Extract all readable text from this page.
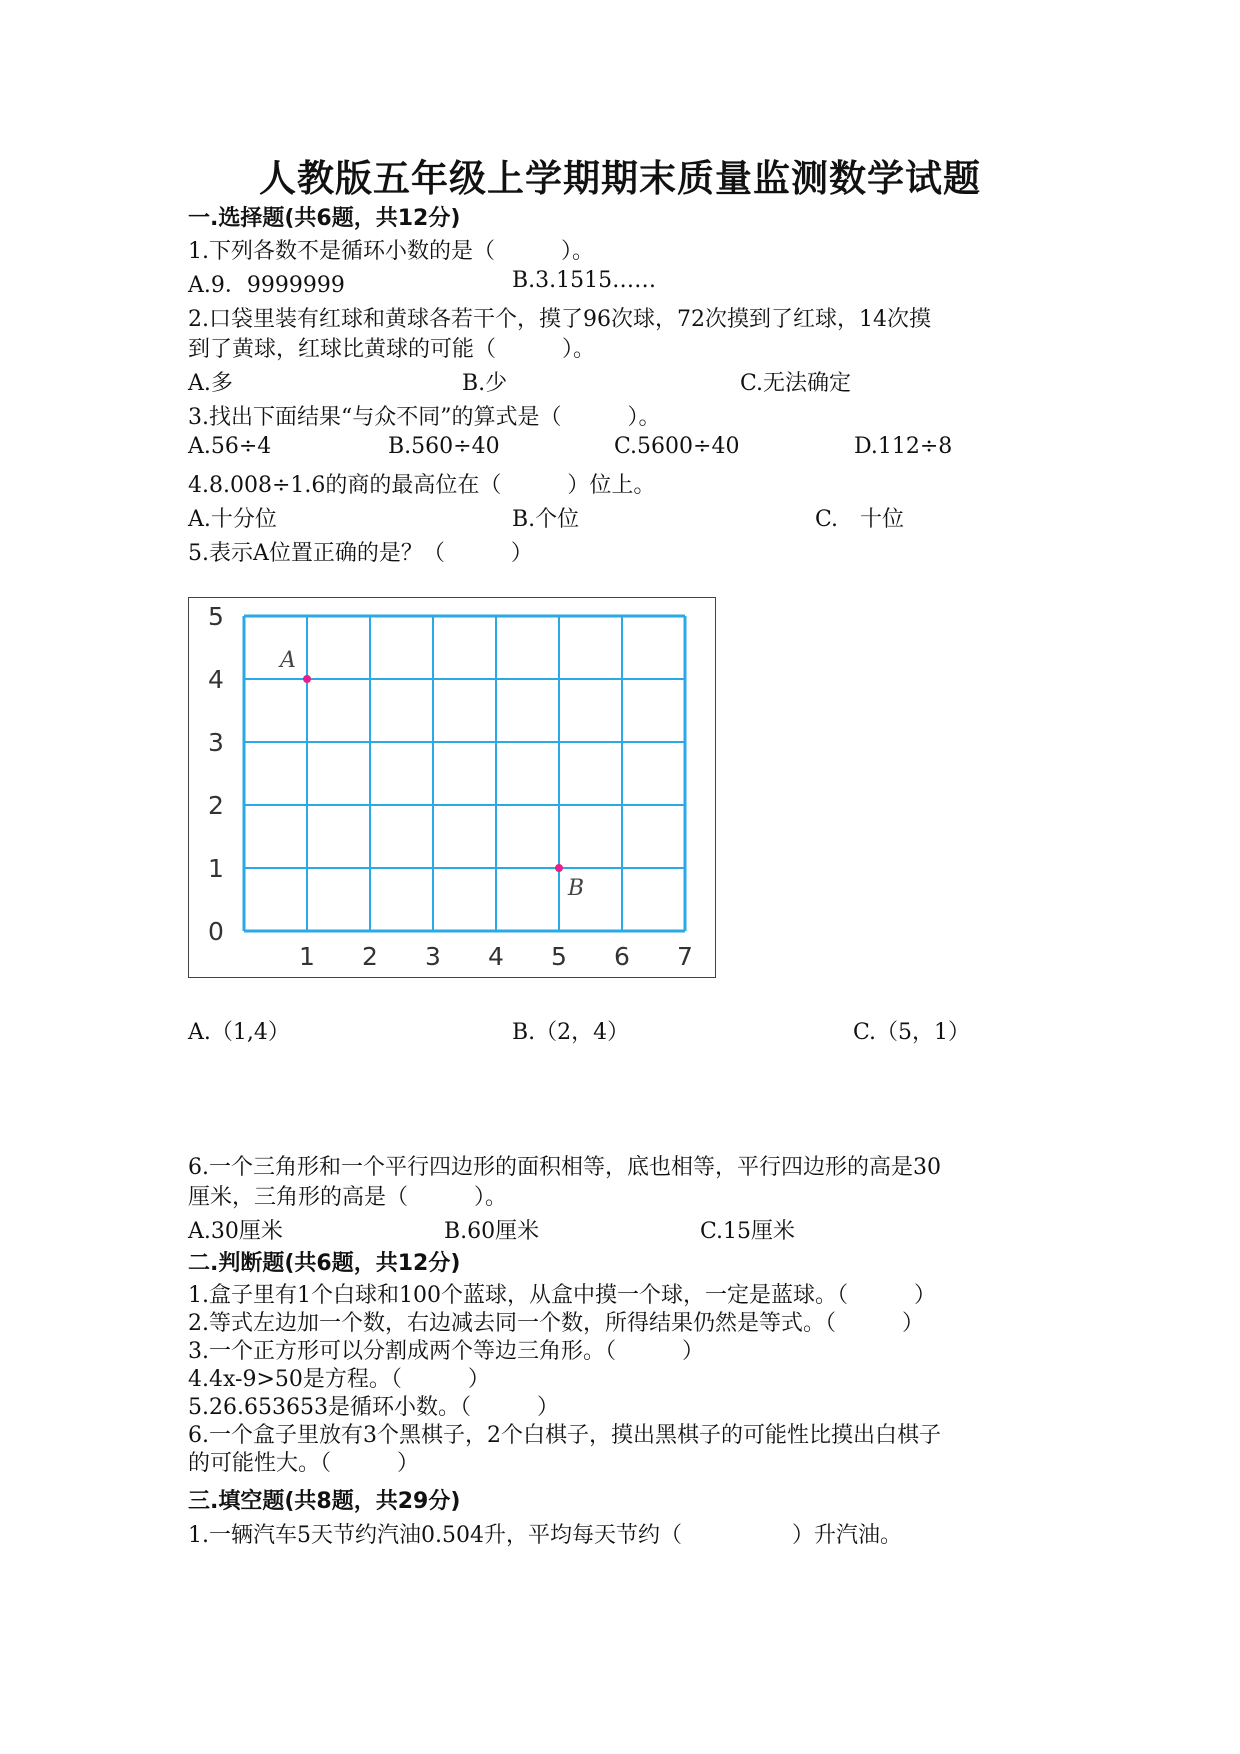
人教版五年级上学期期末质量监测数学试题
一.选择题(共6题，共12分)
1.下列各数不是循环小数的是（　　　）。
A.9．9999999	B.3.1515……
2.口袋里装有红球和黄球各若干个，摸了96次球，72次摸到了红球，14次摸
到了黄球，红球比黄球的可能（　　　）。
A.多	B.少	C.无法确定
3.找出下面结果“与众不同”的算式是（　　　）。
A.56÷4	B.560÷40	C.5600÷40	D.112÷8
4.8.008÷1.6的商的最高位在（　　　）位上。
A.十分位	B.个位	C.　十位
5.表示A位置正确的是？（　　　）
1 2 3 4 5 6 7
0
1
2
3
4
5
A
B
A.（1,4）	B.（2，4）	C.（5，1）
6.一个三角形和一个平行四边形的面积相等，底也相等，平行四边形的高是30
厘米，三角形的高是（　　　）。
A.30厘米	B.60厘米	C.15厘米
二.判断题(共6题，共12分)
1.盒子里有1个白球和100个蓝球，从盒中摸一个球，一定是蓝球。（　　　）
2.等式左边加一个数，右边减去同一个数，所得结果仍然是等式。（　　　）
3.一个正方形可以分割成两个等边三角形。（　　　）
4.4x-9>50是方程。（　　　）
5.26.653653是循环小数。（　　　）
6.一个盒子里放有3个黑棋子，2个白棋子，摸出黑棋子的可能性比摸出白棋子
的可能性大。（　　　）
三.填空题(共8题，共29分)
1.一辆汽车5天节约汽油0.504升，平均每天节约（　　　　　）升汽油。
